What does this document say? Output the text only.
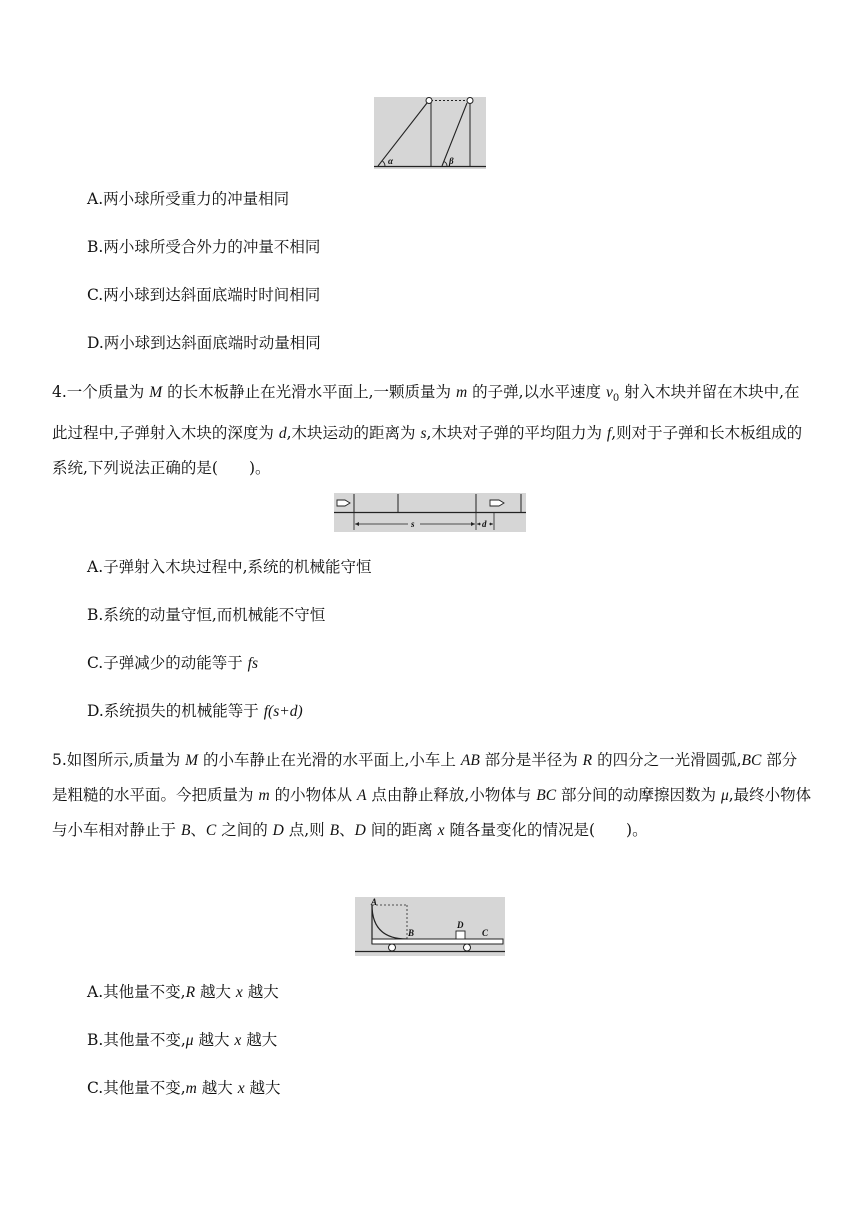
α	β
A.两小球所受重力的冲量相同
B.两小球所受合外力的冲量不相同
C.两小球到达斜面底端时时间相同
D.两小球到达斜面底端时动量相同
4.一个质量为 M 的长木板静止在光滑水平面上,一颗质量为 m 的子弹,以水平速度 $v_0$ 射入木块并留在木块中,在此过程中,子弹射入木块的深度为 d,木块运动的距离为 s,木块对子弹的平均阻力为 f,则对于子弹和长木板组成的系统,下列说法正确的是(　　)。
s	d
A.子弹射入木块过程中,系统的机械能守恒
B.系统的动量守恒,而机械能不守恒
C.子弹减少的动能等于 fs
D.系统损失的机械能等于 f(s+d)
5.如图所示,质量为 M 的小车静止在光滑的水平面上,小车上 AB 部分是半径为 R 的四分之一光滑圆弧,BC 部分是粗糙的水平面。今把质量为 m 的小物体从 A 点由静止释放,小物体与 BC 部分间的动摩擦因数为 μ,最终小物体与小车相对静止于 B、C 之间的 D 点,则 B、D 间的距离 x 随各量变化的情况是(　　)。
A
B
D
C
A.其他量不变,R 越大 x 越大
B.其他量不变,μ 越大 x 越大
C.其他量不变,m 越大 x 越大
